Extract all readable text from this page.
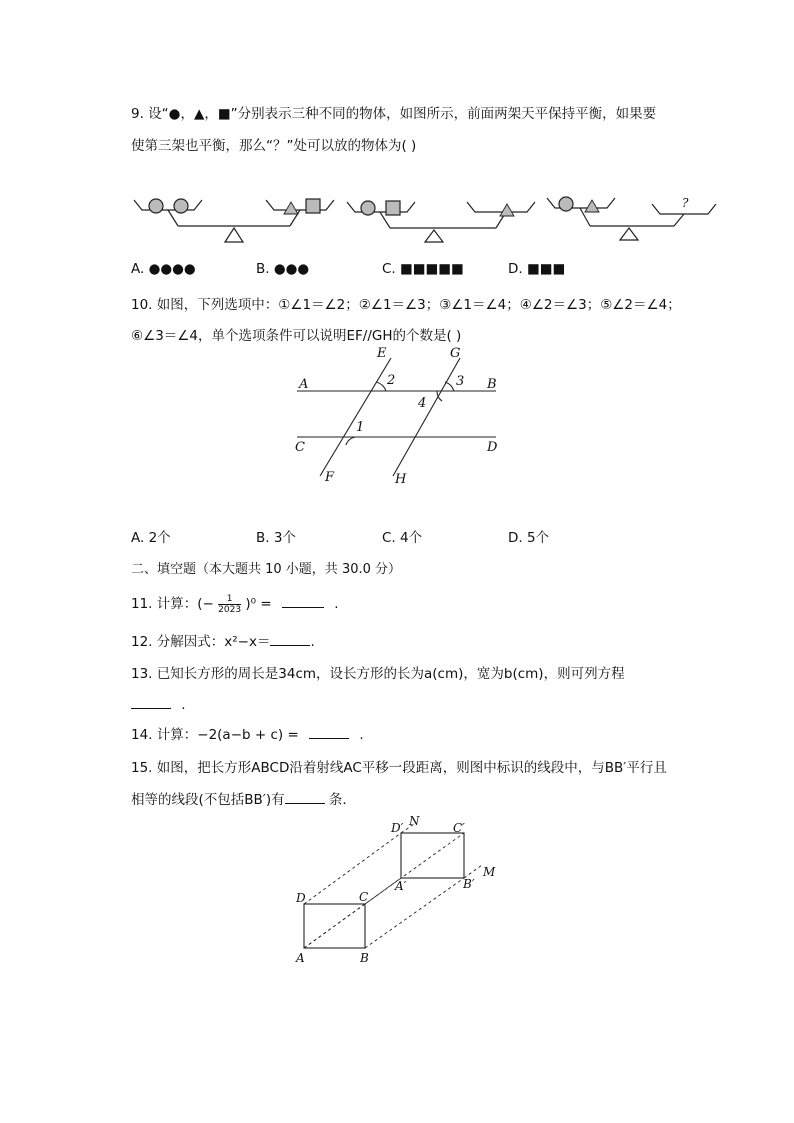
9. 设“●，▲，■”分别表示三种不同的物体，如图所示，前面两架天平保持平衡，如果要
使第三架也平衡，那么“？”处可以放的物体为( )
?
A. ●●●●	B. ●●●	C. ■■■■■	D. ■■■
10. 如图，下列选项中：①∠1＝∠2；②∠1＝∠3；③∠1＝∠4；④∠2＝∠3；⑤∠2＝∠4；
⑥∠3＝∠4，单个选项条件可以说明EF//GH的个数是( )
E	G
A	B
C	D
F	H
1
2	3
4
A. 2个	B. 3个	C. 4个	D. 5个
二、填空题（本大题共 10 小题，共 30.0 分）
11. 计算：(− $\frac{1}{2023} )^0$ =	.
12. 分解因式：x²−x＝	.
13. 已知长方形的周长是34cm，设长方形的长为a(cm)，宽为b(cm)，则可列方程
.
14. 计算：−2(a−b + c) =	.
15. 如图，把长方形ABCD沿着射线AC平移一段距离，则图中标识的线段中，与BB′平行且
相等的线段(不包括BB′)有	条.
N
D′	C′
A′	B′
M
D	C
A	B
